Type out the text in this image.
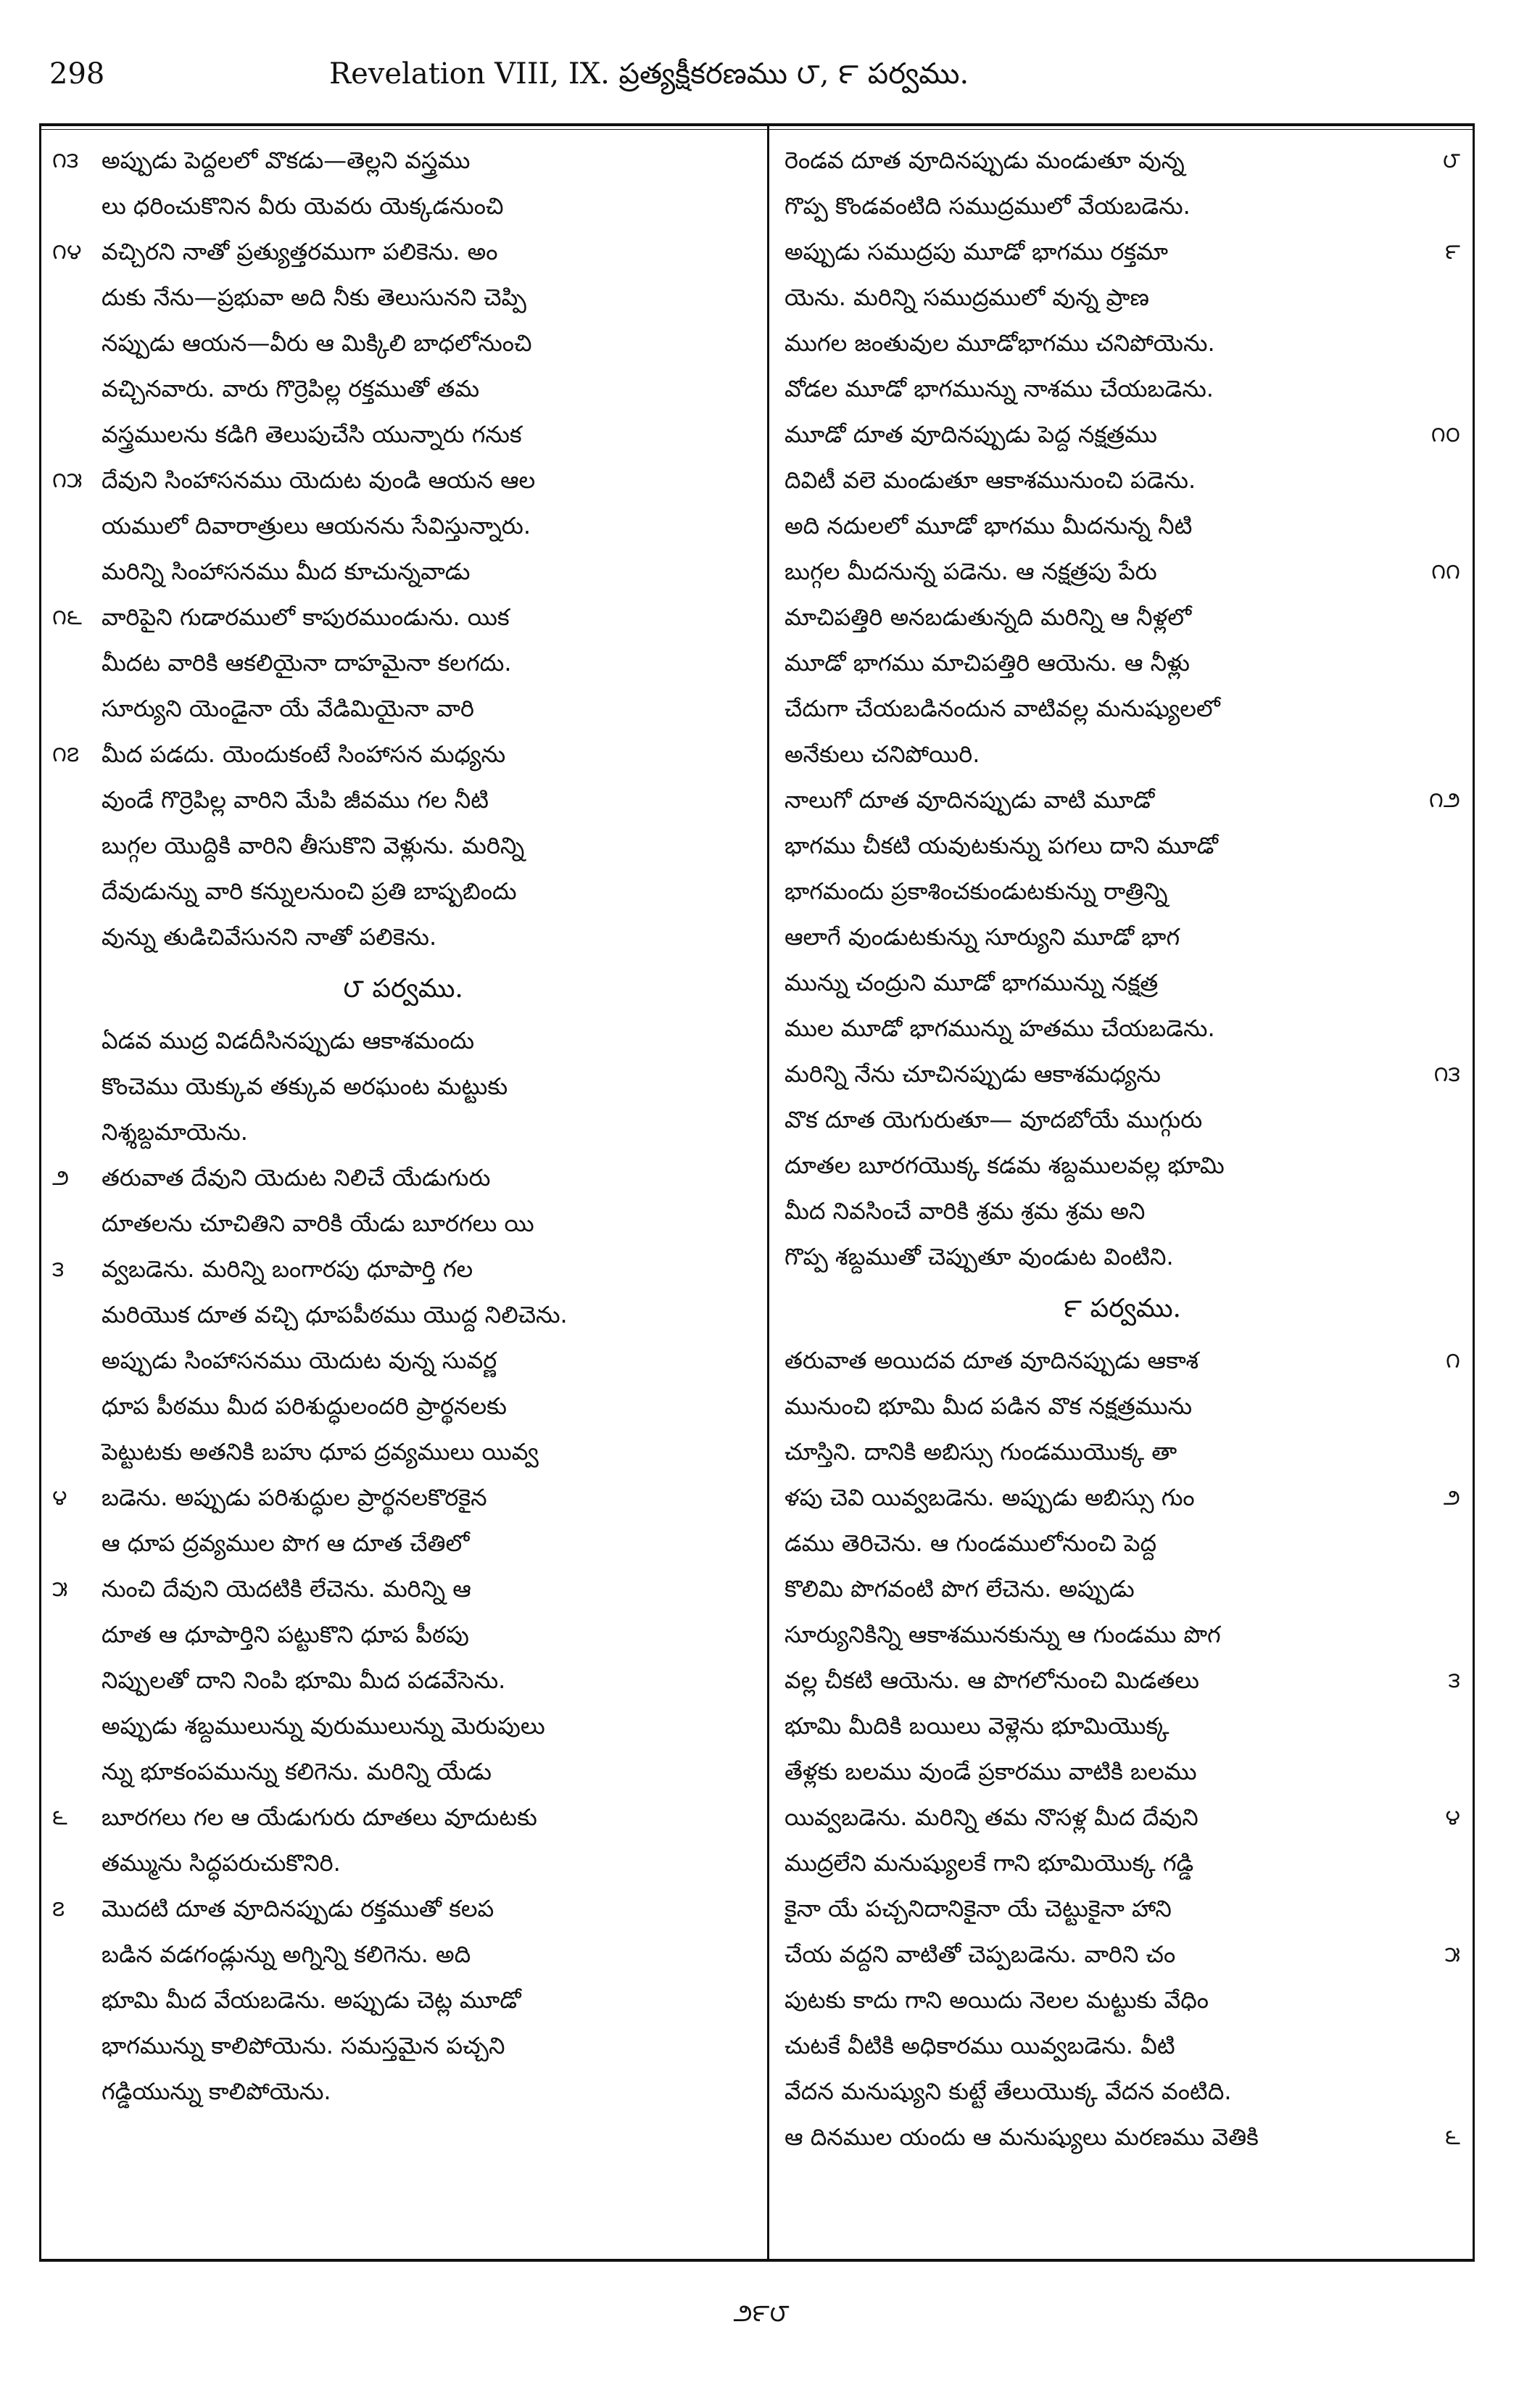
298	Revelation VIII, IX. ప్రత్యక్షీకరణము ౮, ౯ పర్వము.
౧౩ అప్పుడు పెద్దలలో వొకడు—తెల్లని వస్త్రము
లు ధరించుకొనిన వీరు యెవరు యెక్కడనుంచి
౧౪ వచ్చిరని నాతో ప్రత్యుత్తరముగా పలికెను. అం
దుకు నేను—ప్రభువా అది నీకు తెలుసునని చెప్పి
నప్పుడు ఆయన—వీరు ఆ మిక్కిలి బాధలోనుంచి
వచ్చినవారు. వారు గొర్రెపిల్ల రక్తముతో తమ
వస్త్రములను కడిగి తెలుపుచేసి యున్నారు గనుక
౧౫ దేవుని సింహాసనము యెదుట వుండి ఆయన ఆల
యములో దివారాత్రులు ఆయనను సేవిస్తున్నారు.
మరిన్ని సింహాసనము మీద కూచున్నవాడు
౧౬ వారిపైని గుడారములో కాపురముండును. యిక
మీదట వారికి ఆకలియైనా దాహమైనా కలగదు.
సూర్యుని యెండైనా యే వేడిమియైనా వారి
౧౭ మీద పడదు. యెందుకంటే సింహాసన మధ్యను
వుండే గొర్రెపిల్ల వారిని మేపి జీవము గల నీటి
బుగ్గల యొద్దికి వారిని తీసుకొని వెళ్లును. మరిన్ని
దేవుడున్ను వారి కన్నులనుంచి ప్రతి బాష్పబిందు
వున్ను తుడిచివేసునని నాతో పలికెను.
౮ పర్వము.
ఏడవ ముద్ర విడదీసినప్పుడు ఆకాశమందు
కొంచెము యెక్కువ తక్కువ అరఘంట మట్టుకు
నిశ్శబ్దమాయెను.
౨	తరువాత దేవుని యెదుట నిలిచే యేడుగురు
దూతలను చూచితిని వారికి యేడు బూరగలు యి
౩	వ్వబడెను. మరిన్ని బంగారపు ధూపార్తి గల
మరియొక దూత వచ్చి ధూపపీఠము యొద్ద నిలిచెను.
అప్పుడు సింహాసనము యెదుట వున్న సువర్ణ
ధూప పీఠము మీద పరిశుద్ధులందరి ప్రార్థనలకు
పెట్టుటకు అతనికి బహు ధూప ద్రవ్యములు యివ్వ
౪	బడెను. అప్పుడు పరిశుద్ధుల ప్రార్థనలకొరకైన
ఆ ధూప ద్రవ్యముల పొగ ఆ దూత చేతిలో
౫	నుంచి దేవుని యెదటికి లేచెను. మరిన్ని ఆ
దూత ఆ ధూపార్తిని పట్టుకొని ధూప పీఠపు
నిప్పులతో దాని నింపి భూమి మీద పడవేసెను.
అప్పుడు శబ్దములున్ను వురుములున్ను మెరుపులు
న్ను భూకంపమున్ను కలిగెను. మరిన్ని యేడు
౬	బూరగలు గల ఆ యేడుగురు దూతలు వూదుటకు
తమ్మును సిద్ధపరుచుకొనిరి.
౭	మొదటి దూత వూదినప్పుడు రక్తముతో కలప
బడిన వడగండ్లున్ను అగ్నిన్ని కలిగెను. అది
భూమి మీద వేయబడెను. అప్పుడు చెట్ల మూడో
భాగమున్ను కాలిపోయెను. సమస్తమైన పచ్చని
గడ్డియున్ను కాలిపోయెను.
౮
రెండవ దూత వూదినప్పుడు మండుతూ వున్న
గొప్ప కొండవంటిది సముద్రములో వేయబడెను.
౯
అప్పుడు సముద్రపు మూడో భాగము రక్తమా
యెను. మరిన్ని సముద్రములో వున్న ప్రాణ
ముగల జంతువుల మూడోభాగము చనిపోయెను.
వోడల మూడో భాగమున్ను నాశము చేయబడెను.
౧౦
మూడో దూత వూదినప్పుడు పెద్ద నక్షత్రము
దివిటీ వలె మండుతూ ఆకాశమునుంచి పడెను.
అది నదులలో మూడో భాగము మీదనున్న నీటి
౧౧
బుగ్గల మీదనున్న పడెను. ఆ నక్షత్రపు పేరు
మాచిపత్తిరి అనబడుతున్నది మరిన్ని ఆ నీళ్లలో
మూడో భాగము మాచిపత్తిరి ఆయెను. ఆ నీళ్లు
చేదుగా చేయబడినందున వాటివల్ల మనుష్యులలో
అనేకులు చనిపోయిరి.
౧౨
నాలుగో దూత వూదినప్పుడు వాటి మూడో
భాగము చీకటి యవుటకున్ను పగలు దాని మూడో
భాగమందు ప్రకాశించకుండుటకున్ను రాత్రిన్ని
ఆలాగే వుండుటకున్ను సూర్యుని మూడో భాగ
మున్ను చంద్రుని మూడో భాగమున్ను నక్షత్ర
ముల మూడో భాగమున్ను హతము చేయబడెను.
౧౩
మరిన్ని నేను చూచినప్పుడు ఆకాశమధ్యను
వొక దూత యెగురుతూ— వూదబోయే ముగ్గురు
దూతల బూరగయొక్క కడమ శబ్దములవల్ల భూమి
మీద నివసించే వారికి శ్రమ శ్రమ శ్రమ అని
గొప్ప శబ్దముతో చెప్పుతూ వుండుట వింటిని.
౯ పర్వము.
౧
తరువాత అయిదవ దూత వూదినప్పుడు ఆకాశ
మునుంచి భూమి మీద పడిన వొక నక్షత్రమును
చూస్తిని. దానికి అబిస్సు గుండముయొక్క తా
౨
ళపు చెవి యివ్వబడెను. అప్పుడు అబిస్సు గుం
డము తెరిచెను. ఆ గుండములోనుంచి పెద్ద
కొలిమి పొగవంటి పొగ లేచెను. అప్పుడు
సూర్యునికిన్ని ఆకాశమునకున్ను ఆ గుండము పొగ
౩
వల్ల చీకటి ఆయెను. ఆ పొగలోనుంచి మిడతలు
భూమి మీదికి బయిలు వెళ్లెను భూమియొక్క
తేళ్లకు బలము వుండే ప్రకారము వాటికి బలము
౪
యివ్వబడెను. మరిన్ని తమ నొసళ్ల మీద దేవుని
ముద్రలేని మనుష్యులకే గాని భూమియొక్క గడ్డి
కైనా యే పచ్చనిదానికైనా యే చెట్టుకైనా హాని
౫
చేయ వద్దని వాటితో చెప్పబడెను. వారిని చం
పుటకు కాదు గాని అయిదు నెలల మట్టుకు వేధిం
చుటకే వీటికి అధికారము యివ్వబడెను. వీటి
వేదన మనుష్యుని కుట్టే తేలుయొక్క వేదన వంటిది.
౬
ఆ దినముల యందు ఆ మనుష్యులు మరణము వెతికి
౨౯౮
